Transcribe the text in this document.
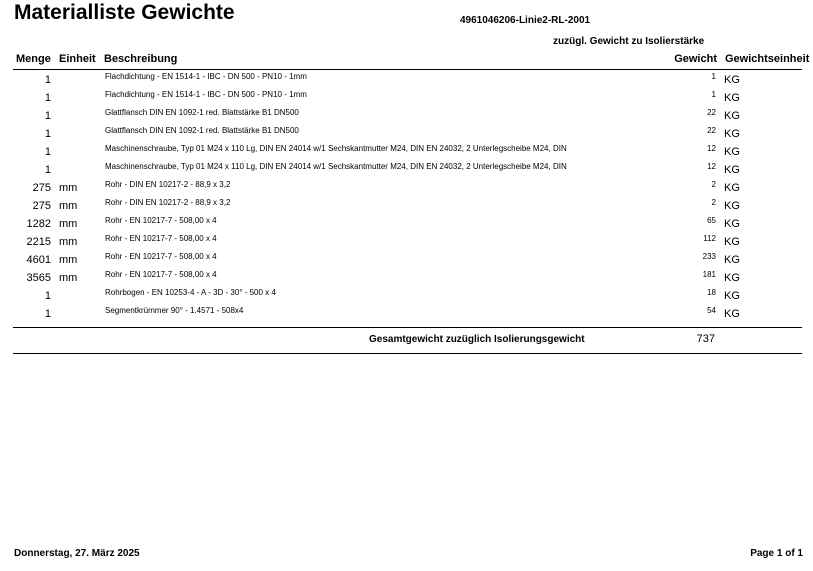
Materialliste Gewichte	4961046206-Linie2-RL-2001
zuzügl. Gewicht zu Isolierstärke
Menge Einheit Beschreibung	Gewicht Gewichtseinheit
1	Flachdichtung - EN 1514-1 - IBC - DN 500 - PN10 - 1mm	1 KG
1	Flachdichtung - EN 1514-1 - IBC - DN 500 - PN10 - 1mm	1 KG
1	Glattflansch DIN EN 1092-1 red. Blattstärke B1 DN500	22 KG
1	Glattflansch DIN EN 1092-1 red. Blattstärke B1 DN500	22 KG
1	Maschinenschraube, Typ 01 M24 x 110 Lg, DIN EN 24014 w/1 Sechskantmutter M24, DIN EN 24032, 2 Unterlegscheibe M24, DIN	12 KG
1	Maschinenschraube, Typ 01 M24 x 110 Lg, DIN EN 24014 w/1 Sechskantmutter M24, DIN EN 24032, 2 Unterlegscheibe M24, DIN	12 KG
275 mm	Rohr - DIN EN 10217-2 - 88,9 x 3,2	2 KG
275 mm	Rohr - DIN EN 10217-2 - 88,9 x 3,2	2 KG
1282 mm	Rohr - EN 10217-7 - 508,00 x 4	65 KG
2215 mm	Rohr - EN 10217-7 - 508,00 x 4	112 KG
4601 mm	Rohr - EN 10217-7 - 508,00 x 4	233 KG
3565 mm	Rohr - EN 10217-7 - 508,00 x 4	181 KG
1	Rohrbogen - EN 10253-4 - A - 3D - 30° - 500 x 4	18 KG
1	Segmentkrümmer 90° - 1.4571 - 508x4	54 KG
Gesamtgewicht zuzüglich Isolierungsgewicht	737
Donnerstag, 27. März 2025	Page 1 of 1
